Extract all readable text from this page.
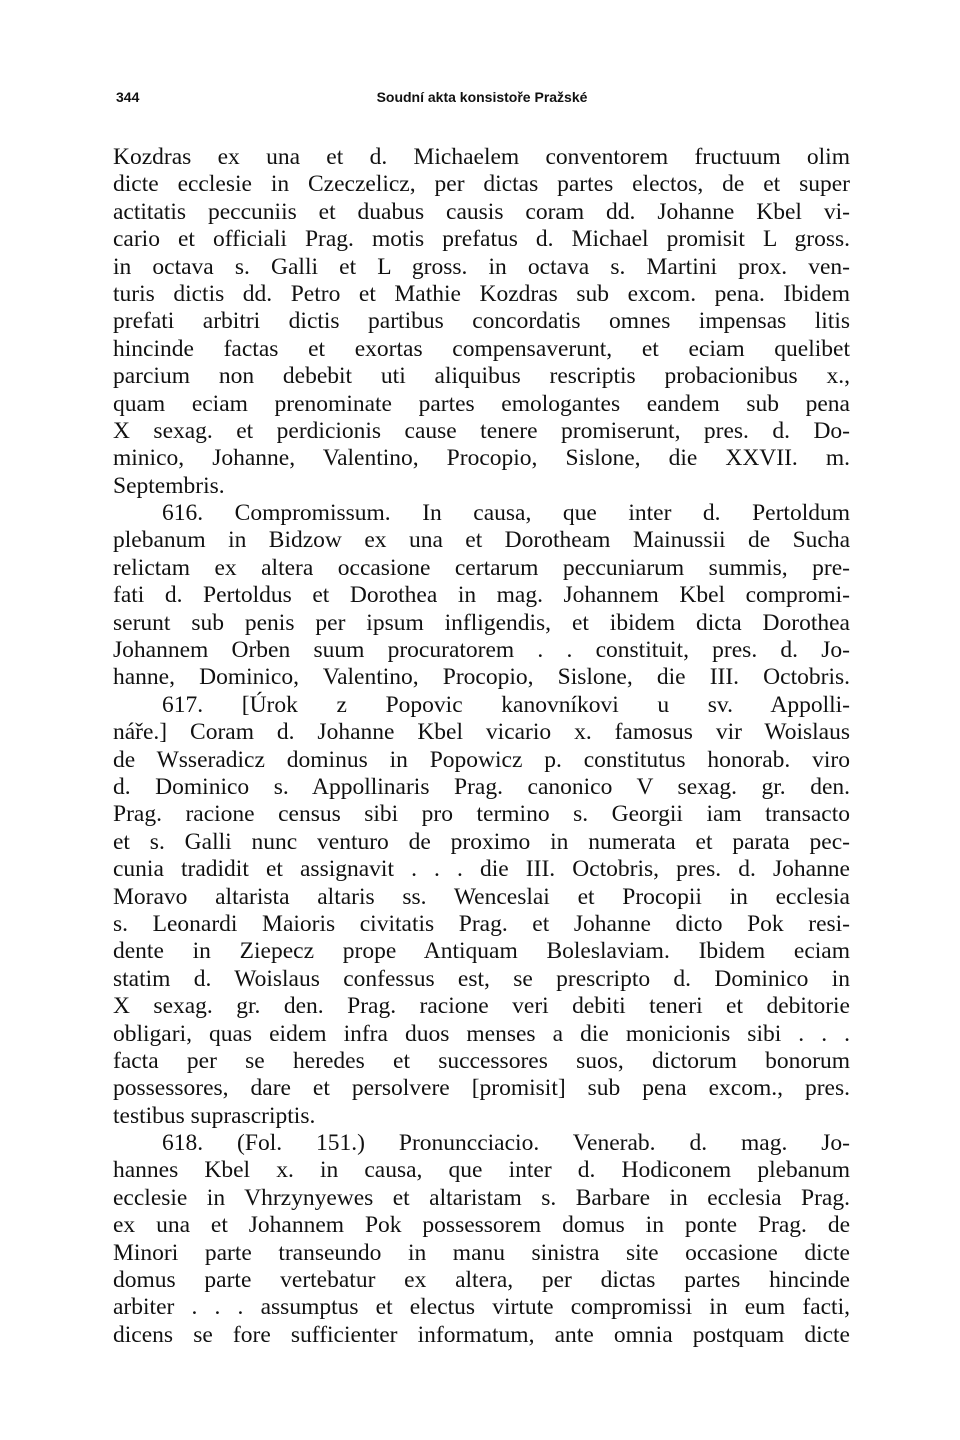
344	Soudní akta konsistoře Pražské
Kozdras ex una et d. Michaelem conventorem fructuum olim
dicte ecclesie in Czeczelicz, per dictas partes electos, de et super
actitatis peccuniis et duabus causis coram dd. Johanne Kbel vi-
cario et officiali Prag. motis prefatus d. Michael promisit L gross.
in octava s. Galli et L gross. in octava s. Martini prox. ven-
turis dictis dd. Petro et Mathie Kozdras sub excom. pena. Ibidem
prefati arbitri dictis partibus concordatis omnes impensas litis
hincinde factas et exortas compensaverunt, et eciam quelibet
parcium non debebit uti aliquibus rescriptis probacionibus x.,
quam eciam prenominate partes emologantes eandem sub pena
X sexag. et perdicionis cause tenere promiserunt, pres. d. Do-
minico, Johanne, Valentino, Procopio, Sislone, die XXVII. m.
Septembris.
616. Compromissum. In causa, que inter d. Pertoldum
plebanum in Bidzow ex una et Dorotheam Mainussii de Sucha
relictam ex altera occasione certarum peccuniarum summis, pre-
fati d. Pertoldus et Dorothea in mag. Johannem Kbel compromi-
serunt sub penis per ipsum infligendis, et ibidem dicta Dorothea
Johannem Orben suum procuratorem . . constituit, pres. d. Jo-
hanne, Dominico, Valentino, Procopio, Sislone, die III. Octobris.
617. [Úrok z Popovic kanovníkovi u sv. Appolli-
náře.] Coram d. Johanne Kbel vicario x. famosus vir Woislaus
de Wsseradicz dominus in Popowicz p. constitutus honorab. viro
d. Dominico s. Appollinaris Prag. canonico V sexag. gr. den.
Prag. racione census sibi pro termino s. Georgii iam transacto
et s. Galli nunc venturo de proximo in numerata et parata pec-
cunia tradidit et assignavit . . . die III. Octobris, pres. d. Johanne
Moravo altarista altaris ss. Wenceslai et Procopii in ecclesia
s. Leonardi Maioris civitatis Prag. et Johanne dicto Pok resi-
dente in Ziepecz prope Antiquam Boleslaviam. Ibidem eciam
statim d. Woislaus confessus est, se prescripto d. Dominico in
X sexag. gr. den. Prag. racione veri debiti teneri et debitorie
obligari, quas eidem infra duos menses a die monicionis sibi . . .
facta per se heredes et successores suos, dictorum bonorum
possessores, dare et persolvere [promisit] sub pena excom., pres.
testibus suprascriptis.
618. (Fol. 151.) Pronuncciacio. Venerab. d. mag. Jo-
hannes Kbel x. in causa, que inter d. Hodiconem plebanum
ecclesie in Vhrzynyewes et altaristam s. Barbare in ecclesia Prag.
ex una et Johannem Pok possessorem domus in ponte Prag. de
Minori parte transeundo in manu sinistra site occasione dicte
domus parte vertebatur ex altera, per dictas partes hincinde
arbiter . . . assumptus et electus virtute compromissi in eum facti,
dicens se fore sufficienter informatum, ante omnia postquam dicte
